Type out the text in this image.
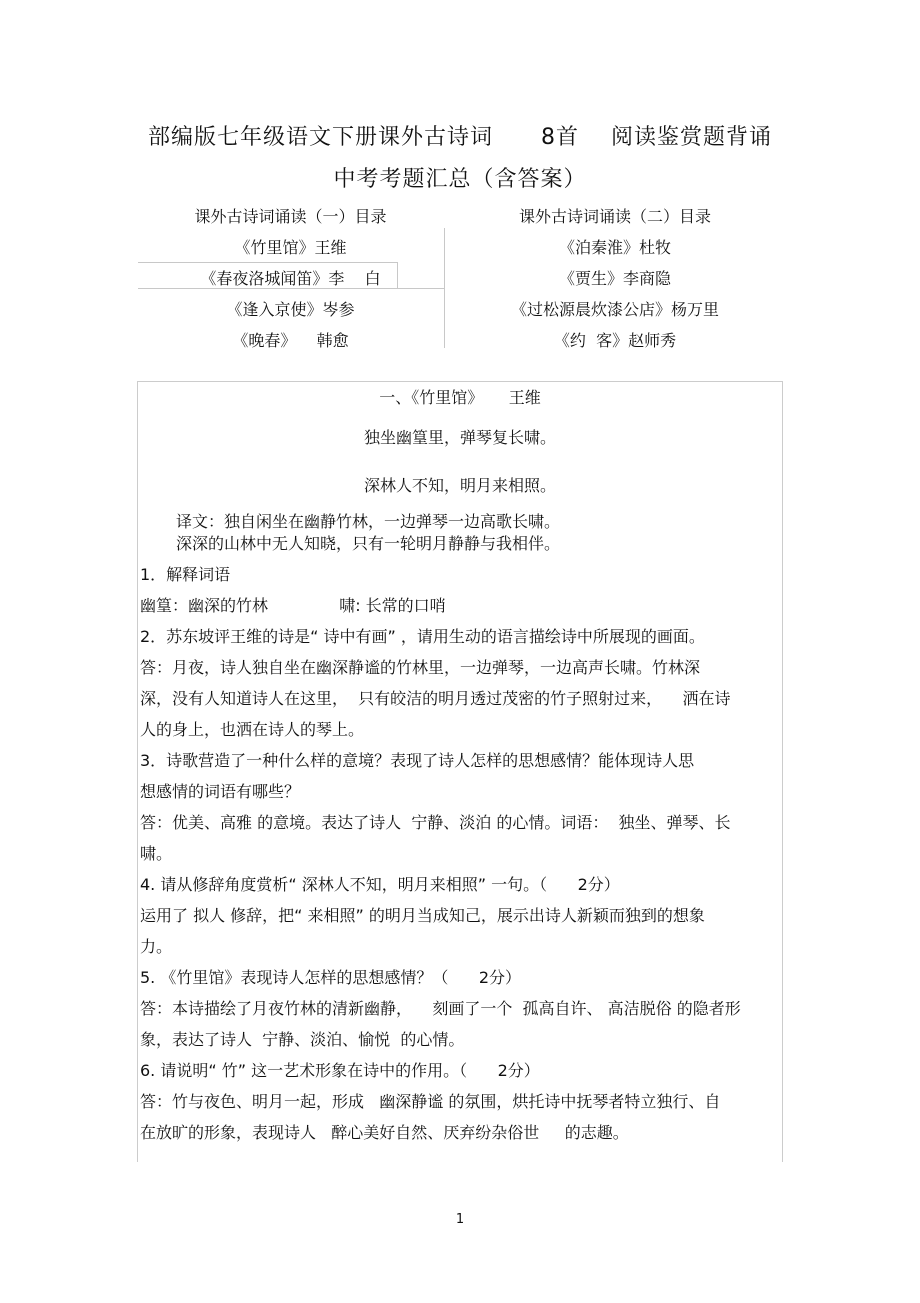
部编版七年级语文下册课外古诗词      8首    阅读鉴赏题背诵
中考考题汇总（含答案）
课外古诗词诵读（一）目录	课外古诗词诵读（二）目录
《竹里馆》王维
《春夜洛城闻笛》李    白
《逢入京使》岑参
《晚春》    韩愈
《泊秦淮》杜牧
《贾生》李商隐
《过松源晨炊漆公店》杨万里
《约  客》赵师秀
一、《竹里馆》     王维
独坐幽篁里，弹琴复长啸。
深林人不知，明月来相照。
译文：独自闲坐在幽静竹林，一边弹琴一边高歌长啸。
深深的山林中无人知晓，只有一轮明月静静与我相伴。
1．解释词语
幽篁：幽深的竹林              啸: 长常的口哨
2．苏东坡评王维的诗是“ 诗中有画” ，请用生动的语言描绘诗中所展现的画面。
答：月夜，诗人独自坐在幽深静谧的竹林里，一边弹琴，一边高声长啸。竹林深
深，没有人知道诗人在这里，  只有皎洁的明月透过茂密的竹子照射过来，    洒在诗
人的身上，也洒在诗人的琴上。
3．诗歌营造了一种什么样的意境？表现了诗人怎样的思想感情？能体现诗人思
想感情的词语有哪些？
答：优美、高雅 的意境。表达了诗人  宁静、淡泊 的心情。词语：  独坐、弹琴、长
啸。
4. 请从修辞角度赏析“ 深林人不知，明月来相照” 一句。（      2分）
运用了 拟人 修辞，把“ 来相照” 的明月当成知己，展示出诗人新颖而独到的想象
力。
5. 《竹里馆》表现诗人怎样的思想感情？（      2分）
答：本诗描绘了月夜竹林的清新幽静，    刻画了一个  孤高自许、 高洁脱俗 的隐者形
象，表达了诗人  宁静、淡泊、愉悦  的心情。
6. 请说明“ 竹” 这一艺术形象在诗中的作用。（      2分）
答：竹与夜色、明月一起，形成   幽深静谧 的氛围，烘托诗中抚琴者特立独行、自
在放旷的形象，表现诗人   醉心美好自然、厌弃纷杂俗世     的志趣。
1
